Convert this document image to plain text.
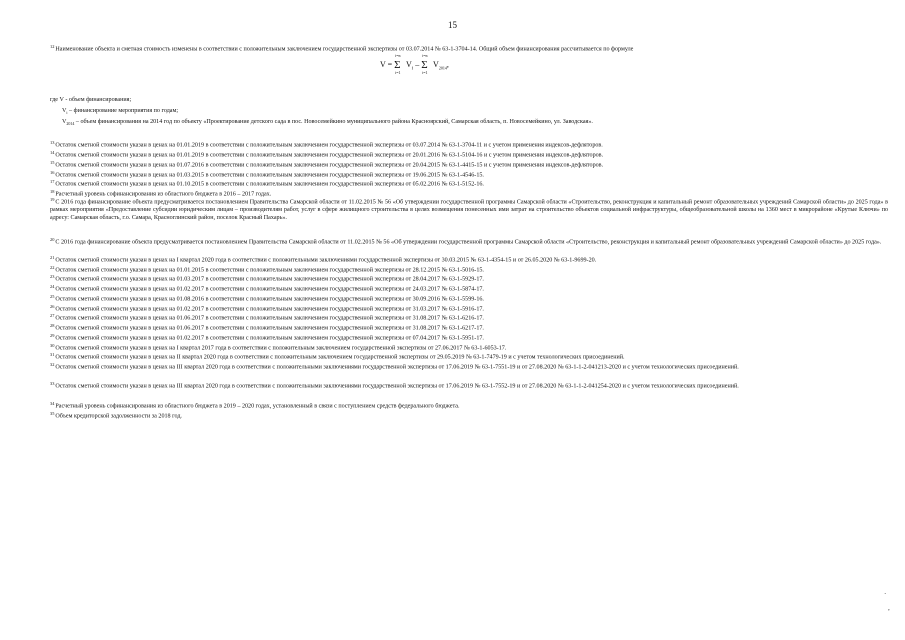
15
$^{12}$Наименование объекта и сметная стоимость изменены в соответствии с положительным заключением государственной экспертизы от 03.07.2014 № 63-1-3704-14. Общий объем финансирования рассчитывается по формуле
V =
i=n
Σ
i=1
$V_i$ –
i=n
Σ
i=1
$V_{2014}$,
где V - объем финансирования;
$V_i$ – финансирование мероприятия по годам;
$V_{2014}$ – объем финансирования на 2014 год по объекту «Проектирование детского сада в пос. Новосемейкино муниципального района Красноярский, Самарская область, п. Новосемейкино, ул. Заводская».
$^{13}$Остаток сметной стоимости указан в ценах на 01.01.2019 в соответствии с положительным заключением государственной экспертизы от 03.07.2014 № 63-1-3704-11 и с учетом применения индексов-дефляторов.
$^{14}$Остаток сметной стоимости указан в ценах на 01.01.2019 в соответствии с положительным заключением государственной экспертизы от 20.01.2016 № 63-1-5104-16 и с учетом применения индексов-дефляторов.
$^{15}$Остаток сметной стоимости указан в ценах на 01.07.2016 в соответствии с положительным заключением государственной экспертизы от 20.04.2015 № 63-1-4415-15 и с учетом применения индексов-дефляторов.
$^{16}$Остаток сметной стоимости указан в ценах на 01.03.2015 в соответствии с положительным заключением государственной экспертизы от 19.06.2015 № 63-1-4546-15.
$^{17}$Остаток сметной стоимости указан в ценах на 01.10.2015 в соответствии с положительным заключением государственной экспертизы от 05.02.2016 № 63-1-5152-16.
$^{18}$Расчетный уровень софинансирования из областного бюджета в 2016 – 2017 годах.
$^{19}$С 2016 года финансирование объекта предусматривается постановлением Правительства Самарской области от 11.02.2015 № 56 «Об утверждении государственной программы Самарской области «Строительство, реконструкция и капитальный ремонт образовательных учреждений Самарской области» до 2025 года» в рамках мероприятия «Предоставление субсидии юридическим лицам – производителям работ, услуг в сфере жилищного строительства в целях возмещения понесенных ими затрат на строительство объектов социальной инфраструктуры, общеобразовательной школы на 1360 мест в микрорайоне «Крутые Ключи» по адресу: Самарская область, г.о. Самара, Красноглинский район, поселок Красный Пахарь».
$^{20}$С 2016 года финансирование объекта предусматривается постановлением Правительства Самарской области от 11.02.2015 № 56 «Об утверждении государственной программы Самарской области «Строительство, реконструкция и капитальный ремонт образовательных учреждений Самарской области» до 2025 года».
$^{21}$Остаток сметной стоимости указан в ценах на I квартал 2020 года в соответствии с положительными заключениями государственной экспертизы от 30.03.2015 № 63-1-4354-15 и от 26.05.2020 № 63-1-9699-20.
$^{22}$Остаток сметной стоимости указан в ценах на 01.01.2015 в соответствии с положительным заключением государственной экспертизы от 28.12.2015 № 63-1-5016-15.
$^{23}$Остаток сметной стоимости указан в ценах на 01.03.2017 в соответствии с положительным заключением государственной экспертизы от 28.04.2017 № 63-1-5929-17.
$^{24}$Остаток сметной стоимости указан в ценах на 01.02.2017 в соответствии с положительным заключением государственной экспертизы от 24.03.2017 № 63-1-5874-17.
$^{25}$Остаток сметной стоимости указан в ценах на 01.08.2016 в соответствии с положительным заключением государственной экспертизы от 30.09.2016 № 63-1-5599-16.
$^{26}$Остаток сметной стоимости указан в ценах на 01.02.2017 в соответствии с положительным заключением государственной экспертизы от 31.03.2017 № 63-1-5916-17.
$^{27}$Остаток сметной стоимости указан в ценах на 01.06.2017 в соответствии с положительным заключением государственной экспертизы от 31.08.2017 № 63-1-6216-17.
$^{28}$Остаток сметной стоимости указан в ценах на 01.06.2017 в соответствии с положительным заключением государственной экспертизы от 31.08.2017 № 63-1-6217-17.
$^{29}$Остаток сметной стоимости указан в ценах на 01.02.2017 в соответствии с положительным заключением государственной экспертизы от 07.04.2017 № 63-1-5951-17.
$^{30}$Остаток сметной стоимости указан в ценах на I квартал 2017 года в соответствии с положительным заключением государственной экспертизы от 27.06.2017 № 63-1-6053-17.
$^{31}$Остаток сметной стоимости указан в ценах на II квартал 2020 года в соответствии с положительным заключением государственной экспертизы от 29.05.2019 № 63-1-7479-19 и с учетом технологических присоединений.
$^{32}$Остаток сметной стоимости указан в ценах на III квартал 2020 года в соответствии с положительными заключениями государственной экспертизы от 17.06.2019 № 63-1-7551-19 и от 27.08.2020 № 63-1-1-2-041213-2020 и с учетом технологических присоединений.
$^{33}$Остаток сметной стоимости указан в ценах на III квартал 2020 года в соответствии с положительными заключениями государственной экспертизы от 17.06.2019 № 63-1-7552-19 и от 27.08.2020 № 63-1-1-2-041254-2020 и с учетом технологических присоединений.
$^{34}$Расчетный уровень софинансирования из областного бюджета в 2019 – 2020 годах, установленный в связи с поступлением средств федерального бюджета.
$^{35}$Объем кредиторской задолженности за 2018 год.
·
,
